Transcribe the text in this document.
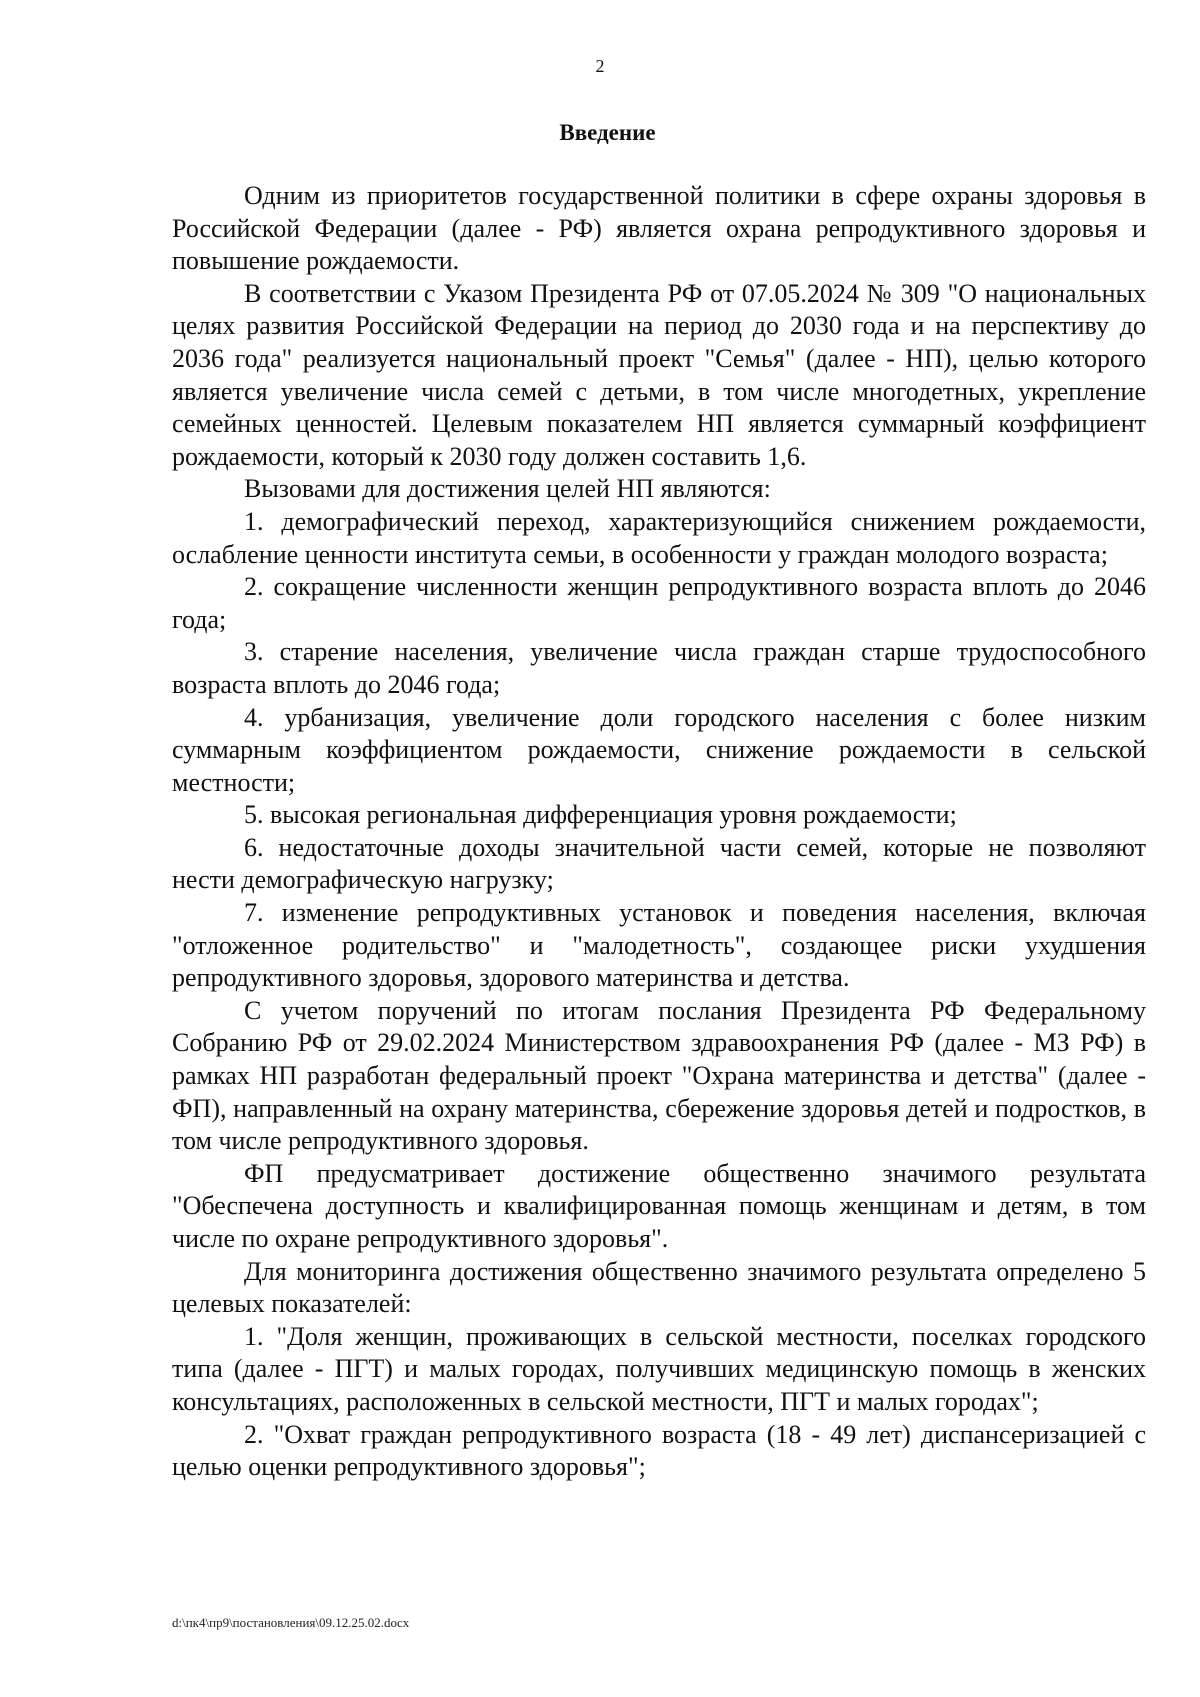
2
Введение

Одним из приоритетов государственной политики в сфере охраны здоровья в Российской Федерации (далее - РФ) является охрана репродуктивного здоровья и повышение рождаемости.

В соответствии с Указом Президента РФ от 07.05.2024 № 309 "О национальных целях развития Российской Федерации на период до 2030 года и на перспективу до 2036 года" реализуется национальный проект "Семья" (далее - НП), целью которого является увеличение числа семей с детьми, в том числе многодетных, укрепление семейных ценностей. Целевым показателем НП является суммарный коэффициент рождаемости, который к 2030 году должен составить 1,6.

Вызовами для достижения целей НП являются:

1. демографический переход, характеризующийся снижением рождаемости, ослабление ценности института семьи, в особенности у граждан молодого возраста;

2. сокращение численности женщин репродуктивного возраста вплоть до 2046 года;

3. старение населения, увеличение числа граждан старше трудоспособного возраста вплоть до 2046 года;

4. урбанизация, увеличение доли городского населения с более низким суммарным коэффициентом рождаемости, снижение рождаемости в сельской местности;

5. высокая региональная дифференциация уровня рождаемости;

6. недостаточные доходы значительной части семей, которые не позволяют нести демографическую нагрузку;

7. изменение репродуктивных установок и поведения населения, включая "отложенное родительство" и "малодетность", создающее риски ухудшения репродуктивного здоровья, здорового материнства и детства.

С учетом поручений по итогам послания Президента РФ Федеральному Собранию РФ от 29.02.2024 Министерством здравоохранения РФ (далее - МЗ РФ) в рамках НП разработан федеральный проект "Охрана материнства и детства" (далее - ФП), направленный на охрану материнства, сбережение здоровья детей и подростков, в том числе репродуктивного здоровья.

ФП предусматривает достижение общественно значимого результата "Обеспечена доступность и квалифицированная помощь женщинам и детям, в том числе по охране репродуктивного здоровья".

Для мониторинга достижения общественно значимого результата определено 5 целевых показателей:

1. "Доля женщин, проживающих в сельской местности, поселках городского типа (далее - ПГТ) и малых городах, получивших медицинскую помощь в женских консультациях, расположенных в сельской местности, ПГТ и малых городах";

2. "Охват граждан репродуктивного возраста (18 - 49 лет) диспансеризацией с целью оценки репродуктивного здоровья";

d:\пк4\пр9\постановления\09.12.25.02.docx
